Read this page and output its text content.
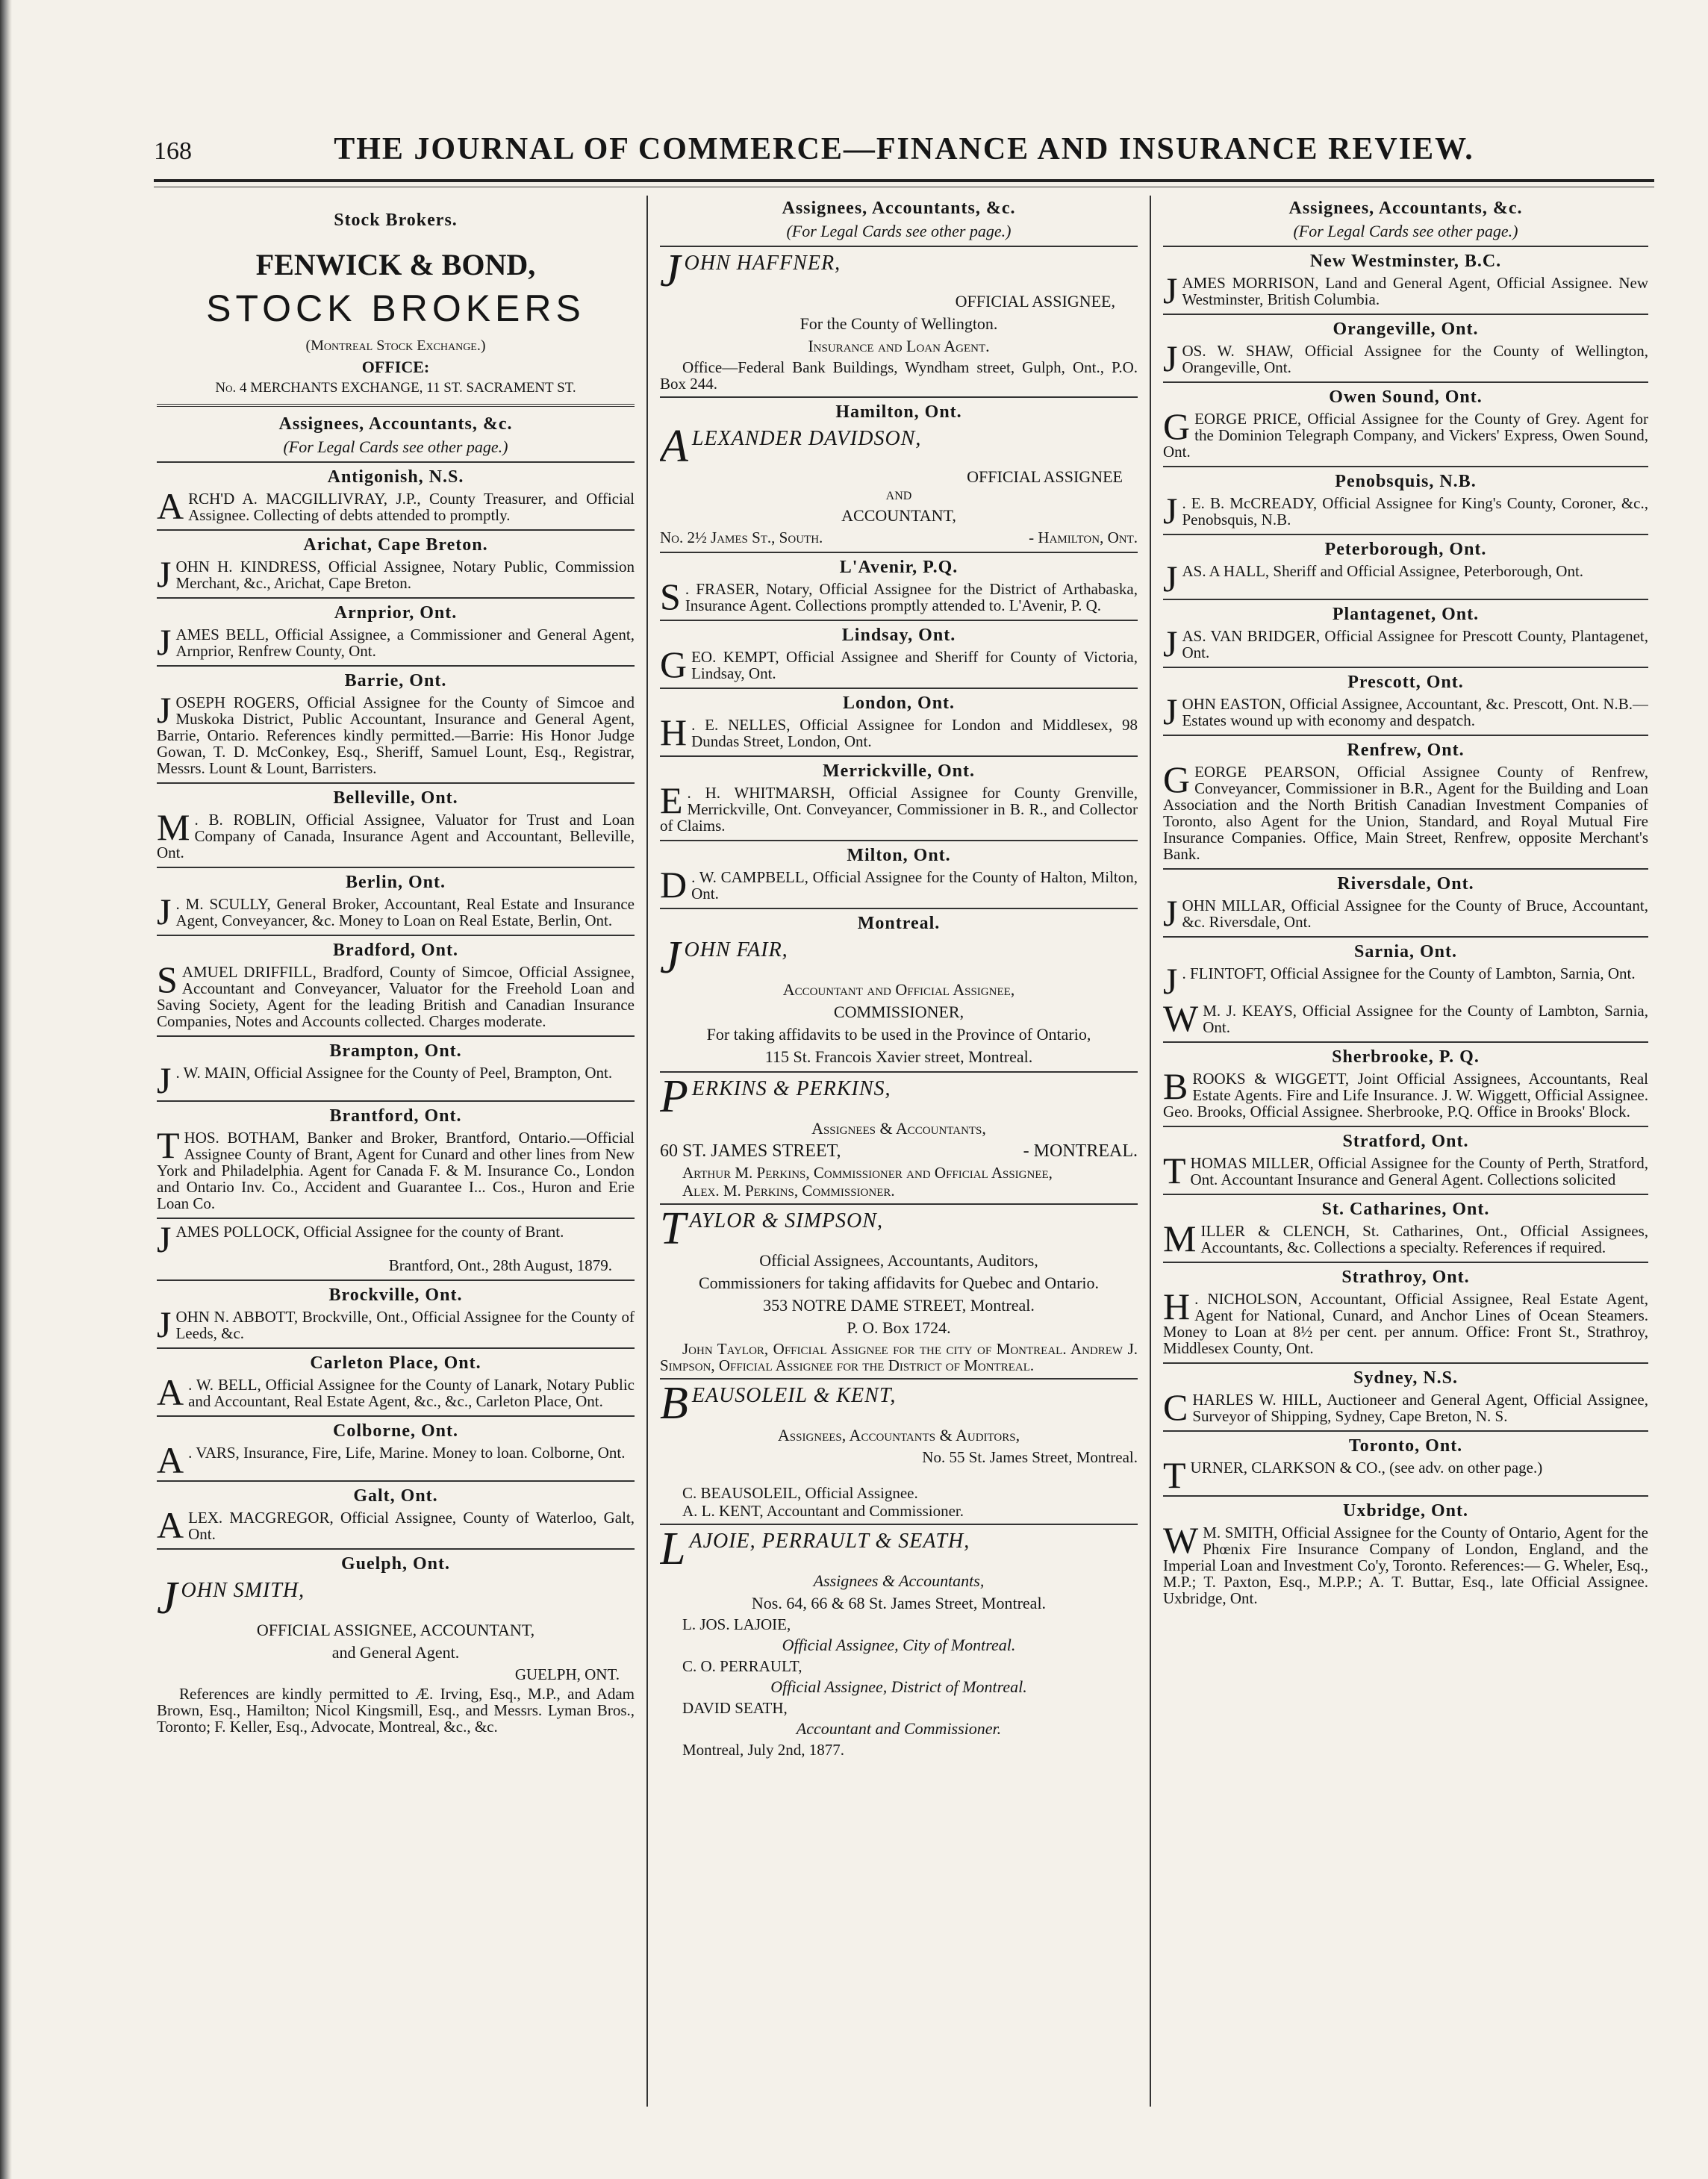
168	THE JOURNAL OF COMMERCE—FINANCE AND INSURANCE REVIEW.
Stock Brokers.
FENWICK & BOND,
STOCK BROKERS
(Montreal Stock Exchange.)
OFFICE:
No. 4 MERCHANTS EXCHANGE, 11 ST. SACRAMENT ST.
Assignees, Accountants, &c.
(For Legal Cards see other page.)
Antigonish, N.S.
ARCH'D A. MACGILLIVRAY, J.P., County Treasurer, and Official Assignee. Collecting of debts attended to promptly.
Arichat, Cape Breton.
JOHN H. KINDRESS, Official Assignee, Notary Public, Commission Merchant, &c., Arichat, Cape Breton.
Arnprior, Ont.
JAMES BELL, Official Assignee, a Commissioner and General Agent, Arnprior, Renfrew County, Ont.
Barrie, Ont.
JOSEPH ROGERS, Official Assignee for the County of Simcoe and Muskoka District, Public Accountant, Insurance and General Agent, Barrie, Ontario. References kindly permitted.—Barrie: His Honor Judge Gowan, T. D. McConkey, Esq., Sheriff, Samuel Lount, Esq., Registrar, Messrs. Lount & Lount, Barristers.
Belleville, Ont.
M . B. ROBLIN, Official Assignee, Valuator for Trust and Loan Company of Canada, Insurance Agent and Accountant, Belleville, Ont.
Berlin, Ont.
J . M. SCULLY, General Broker, Accountant, Real Estate and Insurance Agent, Conveyancer, &c. Money to Loan on Real Estate, Berlin, Ont.
Bradford, Ont.
SAMUEL DRIFFILL, Bradford, County of Simcoe, Official Assignee, Accountant and Conveyancer, Valuator for the Freehold Loan and Saving Society, Agent for the leading British and Canadian Insurance Companies, Notes and Accounts collected. Charges moderate.
Brampton, Ont.
J . W. MAIN, Official Assignee for the County of Peel, Brampton, Ont.
Brantford, Ont.
THOS. BOTHAM, Banker and Broker, Brantford, Ontario.—Official Assignee County of Brant, Agent for Cunard and other lines from New York and Philadelphia. Agent for Canada F. & M. Insurance Co., London and Ontario Inv. Co., Accident and Guarantee I... Cos., Huron and Erie Loan Co.
JAMES POLLOCK, Official Assignee for the county of Brant.
Brantford, Ont., 28th August, 1879.
Brockville, Ont.
JOHN N. ABBOTT, Brockville, Ont., Official Assignee for the County of Leeds, &c.
Carleton Place, Ont.
A . W. BELL, Official Assignee for the County of Lanark, Notary Public and Accountant, Real Estate Agent, &c., &c., Carleton Place, Ont.
Colborne, Ont.
A . VARS, Insurance, Fire, Life, Marine. Money to loan. Colborne, Ont.
Galt, Ont.
ALEX. MACGREGOR, Official Assignee, County of Waterloo, Galt, Ont.
Guelph, Ont.
JOHN SMITH,
OFFICIAL ASSIGNEE, ACCOUNTANT,
and General Agent.
GUELPH, ONT.
References are kindly permitted to Æ. Irving, Esq., M.P., and Adam Brown, Esq., Hamilton; Nicol Kingsmill, Esq., and Messrs. Lyman Bros., Toronto; F. Keller, Esq., Advocate, Montreal, &c., &c.
Assignees, Accountants, &c.
(For Legal Cards see other page.)
JOHN HAFFNER,
OFFICIAL ASSIGNEE,
For the County of Wellington.
Insurance and Loan Agent.
Office—Federal Bank Buildings, Wyndham street, Gulph, Ont., P.O. Box 244.
Hamilton, Ont.
ALEXANDER DAVIDSON,
OFFICIAL ASSIGNEE
AND
ACCOUNTANT,
No. 2½ James St., South.	- Hamilton, Ont.
L'Avenir, P.Q.
S . FRASER, Notary, Official Assignee for the District of Arthabaska, Insurance Agent. Collections promptly attended to. L'Avenir, P. Q.
Lindsay, Ont.
GEO. KEMPT, Official Assignee and Sheriff for County of Victoria, Lindsay, Ont.
London, Ont.
H . E. NELLES, Official Assignee for London and Middlesex, 98 Dundas Street, London, Ont.
Merrickville, Ont.
E . H. WHITMARSH, Official Assignee for County Grenville, Merrickville, Ont. Conveyancer, Commissioner in B. R., and Collector of Claims.
Milton, Ont.
D . W. CAMPBELL, Official Assignee for the County of Halton, Milton, Ont.
Montreal.
JOHN FAIR,
Accountant and Official Assignee,
COMMISSIONER,
For taking affidavits to be used in the Province of Ontario,
115 St. Francois Xavier street, Montreal.
PERKINS & PERKINS,
Assignees & Accountants,
60 ST. JAMES STREET,	- MONTREAL.
Arthur M. Perkins, Commissioner and Official Assignee,
Alex. M. Perkins, Commissioner.
TAYLOR & SIMPSON,
Official Assignees, Accountants, Auditors,
Commissioners for taking affidavits for Quebec and Ontario.
353 NOTRE DAME STREET, Montreal.
P. O. Box 1724.
John Taylor, Official Assignee for the city of Montreal. Andrew J. Simpson, Official Assignee for the District of Montreal.
BEAUSOLEIL & KENT,
Assignees, Accountants & Auditors,
No. 55 St. James Street, Montreal.
C. BEAUSOLEIL, Official Assignee.
A. L. KENT, Accountant and Commissioner.
LAJOIE, PERRAULT & SEATH,
Assignees & Accountants,
Nos. 64, 66 & 68 St. James Street, Montreal.
L. JOS. LAJOIE,
Official Assignee, City of Montreal.
C. O. PERRAULT,
Official Assignee, District of Montreal.
DAVID SEATH,
Accountant and Commissioner.
Montreal, July 2nd, 1877.
Assignees, Accountants, &c.
(For Legal Cards see other page.)
New Westminster, B.C.
JAMES MORRISON, Land and General Agent, Official Assignee. New Westminster, British Columbia.
Orangeville, Ont.
JOS. W. SHAW, Official Assignee for the County of Wellington, Orangeville, Ont.
Owen Sound, Ont.
GEORGE PRICE, Official Assignee for the County of Grey. Agent for the Dominion Telegraph Company, and Vickers' Express, Owen Sound, Ont.
Penobsquis, N.B.
J . E. B. McCREADY, Official Assignee for King's County, Coroner, &c., Penobsquis, N.B.
Peterborough, Ont.
JAS. A HALL, Sheriff and Official Assignee, Peterborough, Ont.
Plantagenet, Ont.
JAS. VAN BRIDGER, Official Assignee for Prescott County, Plantagenet, Ont.
Prescott, Ont.
JOHN EASTON, Official Assignee, Accountant, &c. Prescott, Ont. N.B.—Estates wound up with economy and despatch.
Renfrew, Ont.
GEORGE PEARSON, Official Assignee County of Renfrew, Conveyancer, Commissioner in B.R., Agent for the Building and Loan Association and the North British Canadian Investment Companies of Toronto, also Agent for the Union, Standard, and Royal Mutual Fire Insurance Companies. Office, Main Street, Renfrew, opposite Merchant's Bank.
Riversdale, Ont.
JOHN MILLAR, Official Assignee for the County of Bruce, Accountant, &c. Riversdale, Ont.
Sarnia, Ont.
J . FLINTOFT, Official Assignee for the County of Lambton, Sarnia, Ont.
W M. J. KEAYS, Official Assignee for the County of Lambton, Sarnia, Ont.
Sherbrooke, P. Q.
BROOKS & WIGGETT, Joint Official Assignees, Accountants, Real Estate Agents. Fire and Life Insurance. J. W. Wiggett, Official Assignee. Geo. Brooks, Official Assignee. Sherbrooke, P.Q. Office in Brooks' Block.
Stratford, Ont.
THOMAS MILLER, Official Assignee for the County of Perth, Stratford, Ont. Accountant Insurance and General Agent. Collections solicited
St. Catharines, Ont.
MILLER & CLENCH, St. Catharines, Ont., Official Assignees, Accountants, &c. Collections a specialty. References if required.
Strathroy, Ont.
H . NICHOLSON, Accountant, Official Assignee, Real Estate Agent, Agent for National, Cunard, and Anchor Lines of Ocean Steamers. Money to Loan at 8½ per cent. per annum. Office: Front St., Strathroy, Middlesex County, Ont.
Sydney, N.S.
CHARLES W. HILL, Auctioneer and General Agent, Official Assignee, Surveyor of Shipping, Sydney, Cape Breton, N. S.
Toronto, Ont.
TURNER, CLARKSON & CO., (see adv. on other page.)
Uxbridge, Ont.
W M. SMITH, Official Assignee for the County of Ontario, Agent for the Phœnix Fire Insurance Company of London, England, and the Imperial Loan and Investment Co'y, Toronto. References:— G. Wheler, Esq., M.P.; T. Paxton, Esq., M.P.P.; A. T. Buttar, Esq., late Official Assignee. Uxbridge, Ont.
